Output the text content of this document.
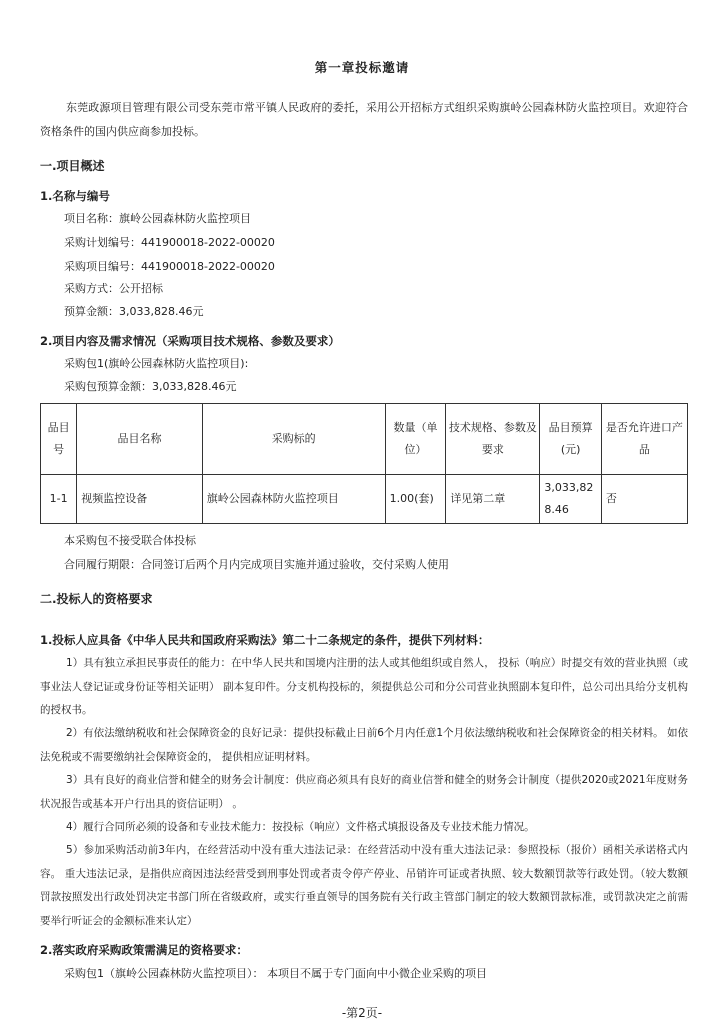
第一章投标邀请
东莞政源项目管理有限公司受东莞市常平镇人民政府的委托，采用公开招标方式组织采购旗岭公园森林防火监控项目。欢迎符合资格条件的国内供应商参加投标。
一.项目概述
1.名称与编号
项目名称：旗岭公园森林防火监控项目
采购计划编号：441900018-2022-00020
采购项目编号：441900018-2022-00020
采购方式：公开招标
预算金额：3,033,828.46元
2.项目内容及需求情况（采购项目技术规格、参数及要求）
采购包1(旗岭公园森林防火监控项目):
采购包预算金额：3,033,828.46元
品目号	品目名称	采购标的	数量（单位）	技术规格、参数及要求	品目预算(元)	是否允许进口产品
1-1	视频监控设备	旗岭公园森林防火监控项目	1.00(套)	详见第二章	3,033,828.46	否
本采购包不接受联合体投标
合同履行期限：合同签订后两个月内完成项目实施并通过验收，交付采购人使用
二.投标人的资格要求
1.投标人应具备《中华人民共和国政府采购法》第二十二条规定的条件，提供下列材料：
1）具有独立承担民事责任的能力：在中华人民共和国境内注册的法人或其他组织或自然人， 投标（响应）时提交有效的营业执照（或事业法人登记证或身份证等相关证明） 副本复印件。分支机构投标的，须提供总公司和分公司营业执照副本复印件，总公司出具给分支机构的授权书。
2）有依法缴纳税收和社会保障资金的良好记录：提供投标截止日前6个月内任意1个月依法缴纳税收和社会保障资金的相关材料。 如依法免税或不需要缴纳社会保障资金的， 提供相应证明材料。
3）具有良好的商业信誉和健全的财务会计制度：供应商必须具有良好的商业信誉和健全的财务会计制度（提供2020或2021年度财务状况报告或基本开户行出具的资信证明） 。
4）履行合同所必须的设备和专业技术能力：按投标（响应）文件格式填报设备及专业技术能力情况。
5）参加采购活动前3年内，在经营活动中没有重大违法记录：在经营活动中没有重大违法记录：参照投标（报价）函相关承诺格式内容。 重大违法记录，是指供应商因违法经营受到刑事处罚或者责令停产停业、吊销许可证或者执照、较大数额罚款等行政处罚。（较大数额罚款按照发出行政处罚决定书部门所在省级政府，或实行垂直领导的国务院有关行政主管部门制定的较大数额罚款标准，或罚款决定之前需要举行听证会的金额标准来认定）
2.落实政府采购政策需满足的资格要求：
采购包1（旗岭公园森林防火监控项目）： 本项目不属于专门面向中小微企业采购的项目
-第2页-
